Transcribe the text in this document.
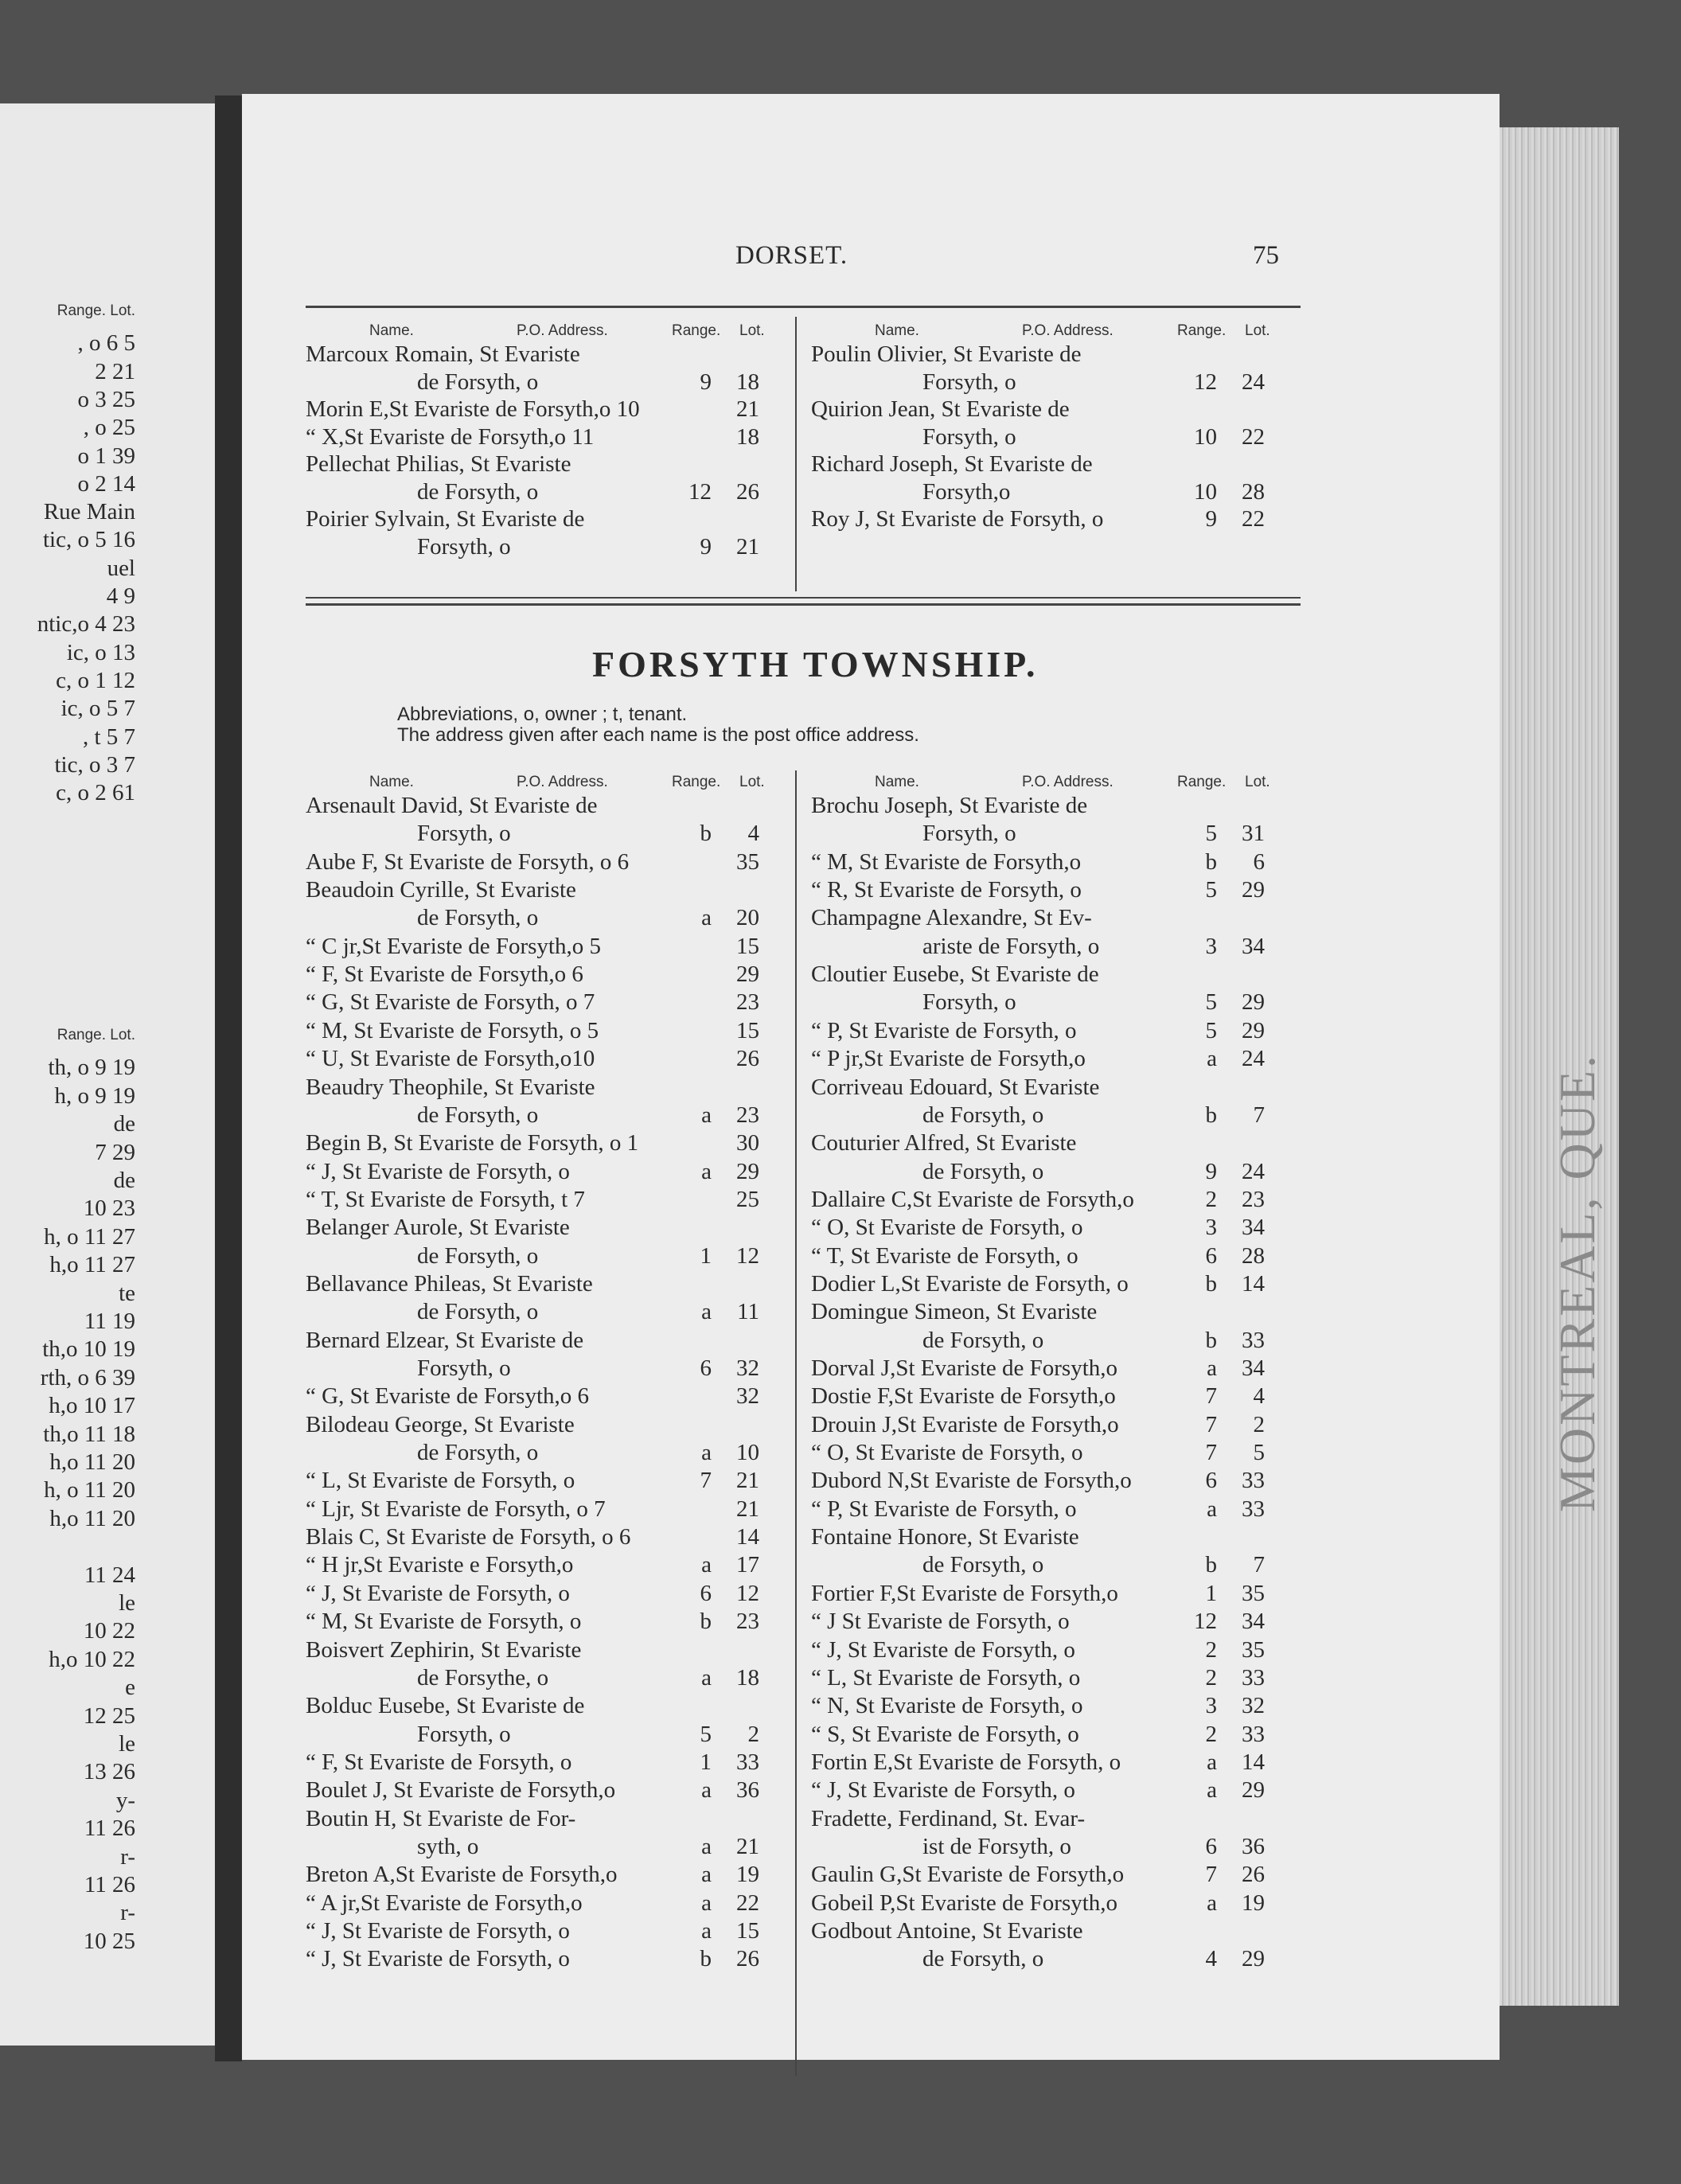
Range. Lot.
, o 6 5
2 21
o 3 25
, o 25
o 1 39
o 2 14
Rue Main
tic, o 5 16
uel
4 9
ntic,o 4 23
ic, o 13
c, o 1 12
ic, o 5 7
, t 5 7
tic, o 3 7
c, o 2 61
Range. Lot.
th, o 9 19
h, o 9 19
de
7 29
de
10 23
h, o 11 27
h,o 11 27
te
11 19
th,o 10 19
rth, o 6 39
h,o 10 17
th,o 11 18
h,o 11 20
h, o 11 20
h,o 11 20
11 24
le
10 22
h,o 10 22
e
12 25
le
13 26
y-
11 26
r-
11 26
r-
10 25
MONTREAL, QUE.
DORSET.	75
Name.	P.O. Address.	Range. Lot.	Name.	P.O. Address.	Range. Lot.
Marcoux Romain, St Evariste
de Forsyth, o	9	18
Morin E,St Evariste de Forsyth,o 10	21
“ X,St Evariste de Forsyth,o 11	18
Pellechat Philias, St Evariste
de Forsyth, o	12	26
Poirier Sylvain, St Evariste de
Forsyth, o	9	21
Poulin Olivier, St Evariste de
Forsyth, o	12	24
Quirion Jean, St Evariste de
Forsyth, o	10	22
Richard Joseph, St Evariste de
Forsyth,o	10	28
Roy J, St Evariste de Forsyth, o	9	22
FORSYTH TOWNSHIP.
Abbreviations, o, owner ; t, tenant.
The address given after each name is the post office address.
Name.	P.O. Address.	Range. Lot.	Name.	P.O. Address.	Range. Lot.
Arsenault David, St Evariste de
Forsyth, o	b	4
Aube F, St Evariste de Forsyth, o 6	35
Beaudoin Cyrille, St Evariste
de Forsyth, o	a	20
“ C jr,St Evariste de Forsyth,o 5	15
“ F, St Evariste de Forsyth,o 6	29
“ G, St Evariste de Forsyth, o 7	23
“ M, St Evariste de Forsyth, o 5	15
“ U, St Evariste de Forsyth,o10	26
Beaudry Theophile, St Evariste
de Forsyth, o	a	23
Begin B, St Evariste de Forsyth, o 1	30
“ J, St Evariste de Forsyth, o	a	29
“ T, St Evariste de Forsyth, t 7	25
Belanger Aurole, St Evariste
de Forsyth, o	1	12
Bellavance Phileas, St Evariste
de Forsyth, o	a	11
Bernard Elzear, St Evariste de
Forsyth, o	6	32
“ G, St Evariste de Forsyth,o 6	32
Bilodeau George, St Evariste
de Forsyth, o	a	10
“ L, St Evariste de Forsyth, o	7	21
“ Ljr, St Evariste de Forsyth, o 7	21
Blais C, St Evariste de Forsyth, o 6	14
“ H jr,St Evariste e Forsyth,o	a	17
“ J, St Evariste de Forsyth, o	6	12
“ M, St Evariste de Forsyth, o	b	23
Boisvert Zephirin, St Evariste
de Forsythe, o	a	18
Bolduc Eusebe, St Evariste de
Forsyth, o	5	2
“ F, St Evariste de Forsyth, o	1	33
Boulet J, St Evariste de Forsyth,o	a	36
Boutin H, St Evariste de For-
syth, o	a	21
Breton A,St Evariste de Forsyth,o	a	19
“ A jr,St Evariste de Forsyth,o	a	22
“ J, St Evariste de Forsyth, o	a	15
“ J, St Evariste de Forsyth, o	b	26
Brochu Joseph, St Evariste de
Forsyth, o	5	31
“ M, St Evariste de Forsyth,o	b	6
“ R, St Evariste de Forsyth, o	5	29
Champagne Alexandre, St Ev-
ariste de Forsyth, o	3	34
Cloutier Eusebe, St Evariste de
Forsyth, o	5	29
“ P, St Evariste de Forsyth, o	5	29
“ P jr,St Evariste de Forsyth,o	a	24
Corriveau Edouard, St Evariste
de Forsyth, o	b	7
Couturier Alfred, St Evariste
de Forsyth, o	9	24
Dallaire C,St Evariste de Forsyth,o	2	23
“ O, St Evariste de Forsyth, o	3	34
“ T, St Evariste de Forsyth, o	6	28
Dodier L,St Evariste de Forsyth, o	b	14
Domingue Simeon, St Evariste
de Forsyth, o	b	33
Dorval J,St Evariste de Forsyth,o	a	34
Dostie F,St Evariste de Forsyth,o	7	4
Drouin J,St Evariste de Forsyth,o	7	2
“ O, St Evariste de Forsyth, o	7	5
Dubord N,St Evariste de Forsyth,o	6	33
“ P, St Evariste de Forsyth, o	a	33
Fontaine Honore, St Evariste
de Forsyth, o	b	7
Fortier F,St Evariste de Forsyth,o	1	35
“ J St Evariste de Forsyth, o	12	34
“ J, St Evariste de Forsyth, o	2	35
“ L, St Evariste de Forsyth, o	2	33
“ N, St Evariste de Forsyth, o	3	32
“ S, St Evariste de Forsyth, o	2	33
Fortin E,St Evariste de Forsyth, o	a	14
“ J, St Evariste de Forsyth, o	a	29
Fradette, Ferdinand, St. Evar-
ist de Forsyth, o	6	36
Gaulin G,St Evariste de Forsyth,o	7	26
Gobeil P,St Evariste de Forsyth,o	a	19
Godbout Antoine, St Evariste
de Forsyth, o	4	29
